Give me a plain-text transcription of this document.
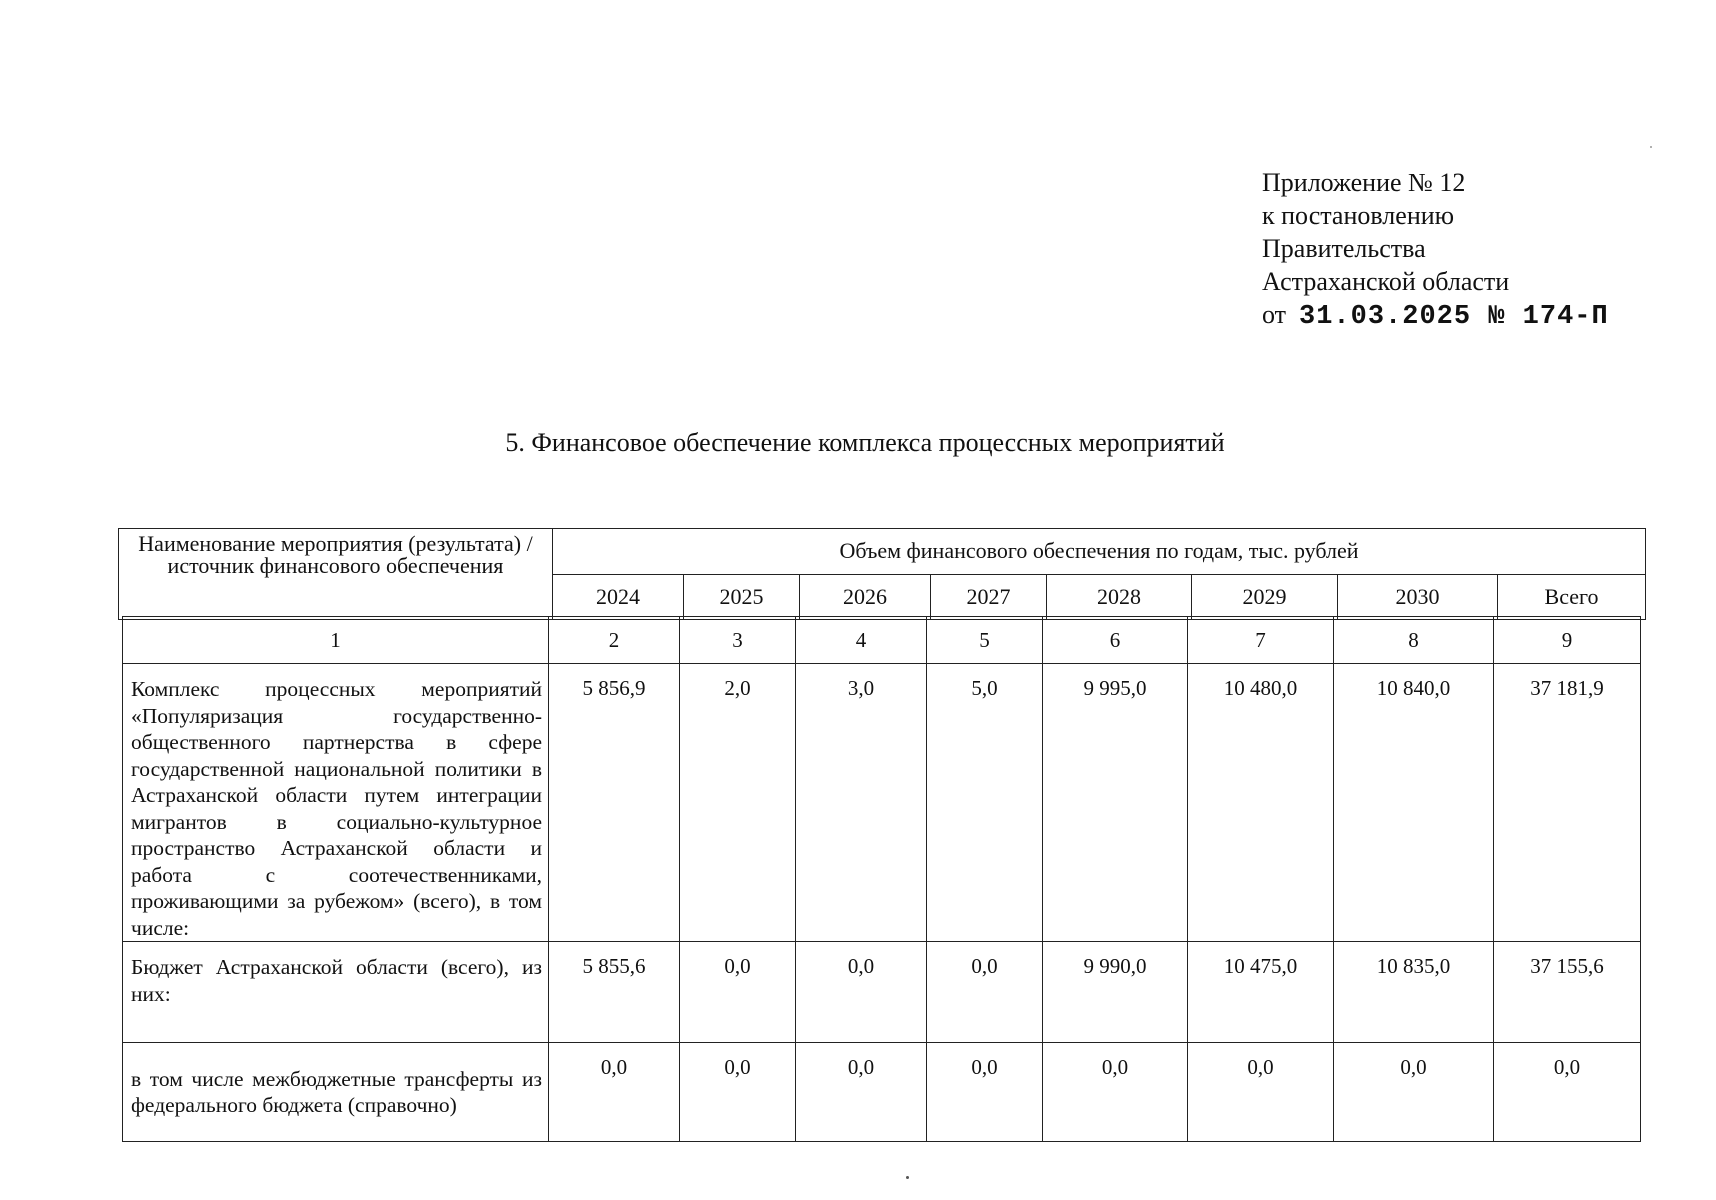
Приложение № 12
к постановлению
Правительства
Астраханской области
от 31.03.2025 № 174-П
5. Финансовое обеспечение комплекса процессных мероприятий
Наименование мероприятия (результата) / источник финансового обеспечения	Объем финансового обеспечения по годам, тыс. рублей							
	2024	2025	2026	2027	2028	2029	2030	Всего
1	2	3	4	5	6	7	8	9
Комплекс процессных мероприятий «Популяризация государственно-общественного партнерства в сфере государственной национальной политики в Астраханской области путем интеграции мигрантов в социально-культурное пространство Астраханской области и работа с соотечественниками, проживающими за рубежом» (всего), в том числе:	5 856,9	2,0	3,0	5,0	9 995,0	10 480,0	10 840,0	37 181,9
Бюджет Астраханской области (всего), из них:	5 855,6	0,0	0,0	0,0	9 990,0	10 475,0	10 835,0	37 155,6
в том числе межбюджетные трансферты из федерального бюджета (справочно)	0,0	0,0	0,0	0,0	0,0	0,0	0,0	0,0
